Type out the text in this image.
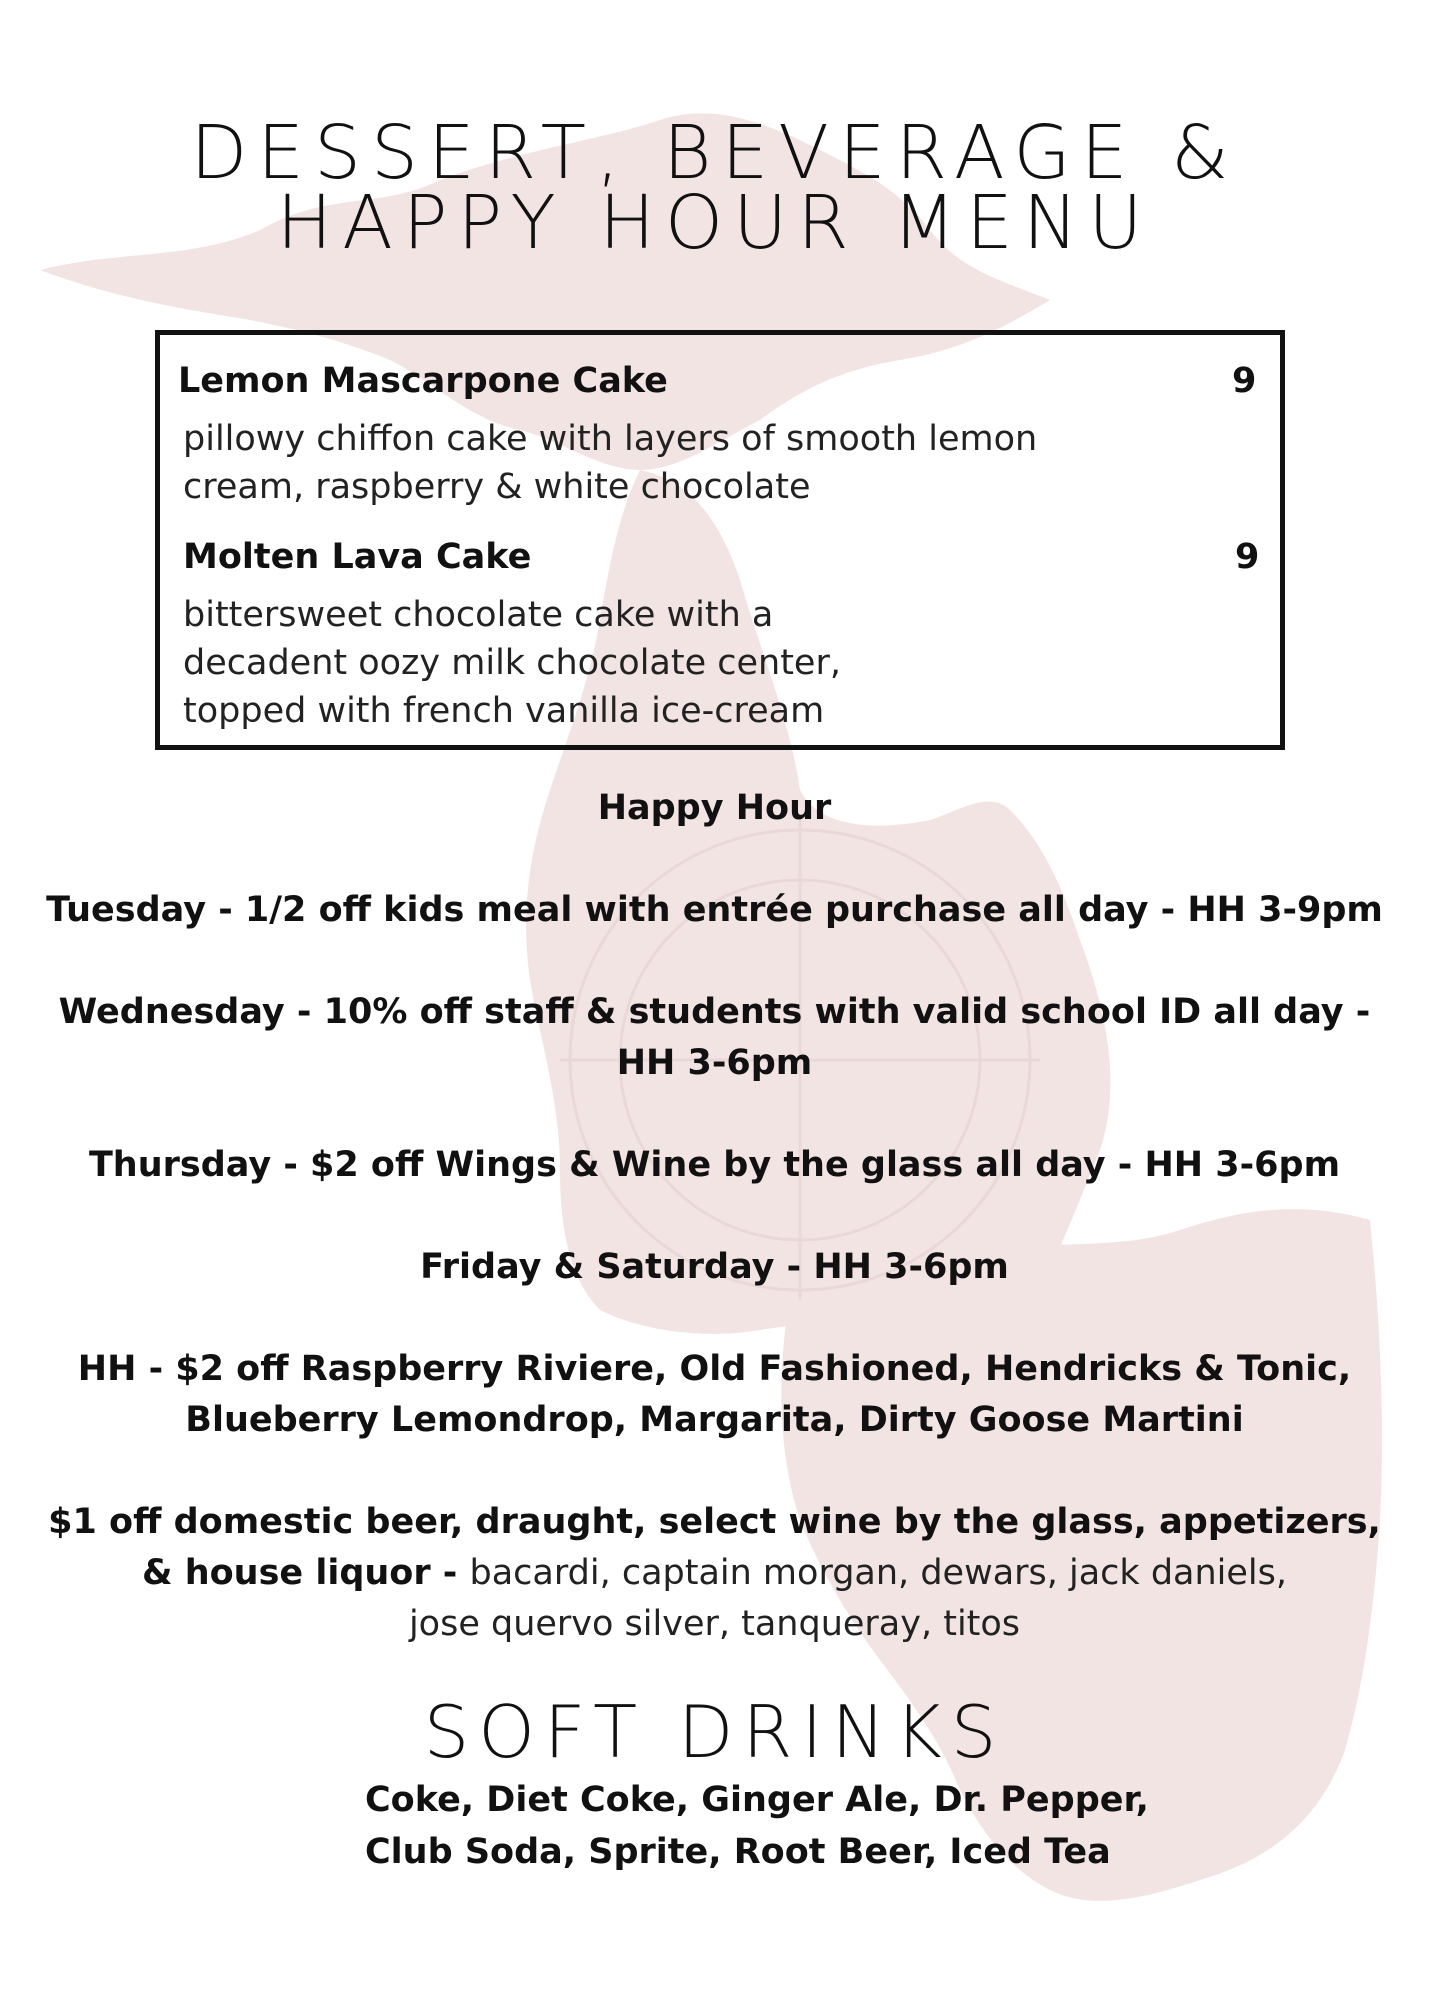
DESSERT, BEVERAGE &
HAPPY HOUR MENU
Lemon Mascarpone Cake	9
pillowy chiffon cake with layers of smooth lemon
cream, raspberry & white chocolate
Molten Lava Cake	9
bittersweet chocolate cake with a
decadent oozy milk chocolate center,
topped with french vanilla ice-cream
Happy Hour
Tuesday - 1/2 off kids meal with entrée purchase all day - HH 3-9pm
Wednesday - 10% off staff & students with valid school ID all day -
HH 3-6pm
Thursday - $2 off Wings & Wine by the glass all day - HH 3-6pm
Friday & Saturday - HH 3-6pm
HH - $2 off Raspberry Riviere, Old Fashioned, Hendricks & Tonic,
Blueberry Lemondrop, Margarita, Dirty Goose Martini
$1 off domestic beer, draught, select wine by the glass, appetizers,
& house liquor - bacardi, captain morgan, dewars, jack daniels,
jose quervo silver, tanqueray, titos
SOFT DRINKS
Coke, Diet Coke, Ginger Ale, Dr. Pepper,
Club Soda, Sprite, Root Beer, Iced Tea
